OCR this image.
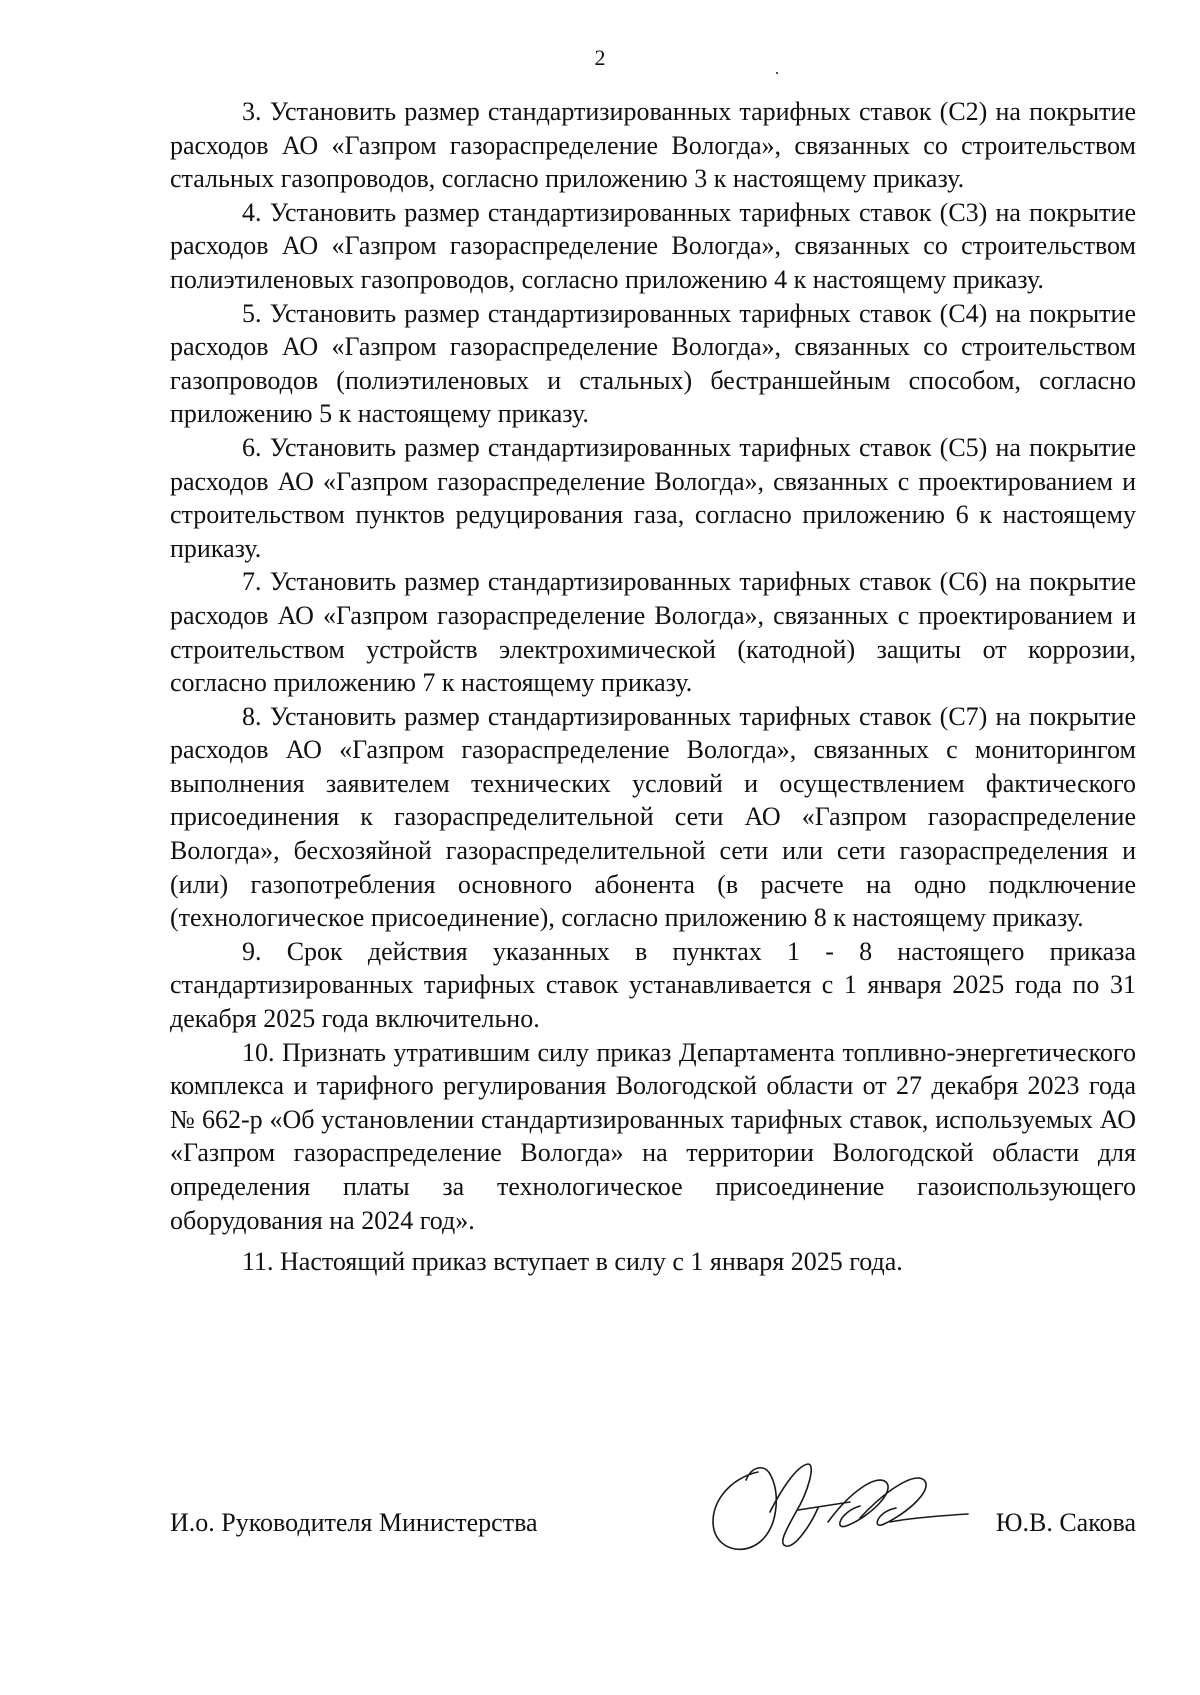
2

3. Установить размер стандартизированных тарифных ставок (С2) на покрытие расходов АО «Газпром газораспределение Вологда», связанных со строительством стальных газопроводов, согласно приложению 3 к настоящему приказу.

4. Установить размер стандартизированных тарифных ставок (С3) на покрытие расходов АО «Газпром газораспределение Вологда», связанных со строительством полиэтиленовых газопроводов, согласно приложению 4 к настоящему приказу.

5. Установить размер стандартизированных тарифных ставок (С4) на покрытие расходов АО «Газпром газораспределение Вологда», связанных со строительством газопроводов (полиэтиленовых и стальных) бестраншейным способом, согласно приложению 5 к настоящему приказу.

6. Установить размер стандартизированных тарифных ставок (С5) на покрытие расходов АО «Газпром газораспределение Вологда», связанных с проектированием и строительством пунктов редуцирования газа, согласно приложению 6 к настоящему приказу.

7. Установить размер стандартизированных тарифных ставок (С6) на покрытие расходов АО «Газпром газораспределение Вологда», связанных с проектированием и строительством устройств электрохимической (катодной) защиты от коррозии, согласно приложению 7 к настоящему приказу.

8. Установить размер стандартизированных тарифных ставок (С7) на покрытие расходов АО «Газпром газораспределение Вологда», связанных с мониторингом выполнения заявителем технических условий и осуществлением фактического присоединения к газораспределительной сети АО «Газпром газораспределение Вологда», бесхозяйной газораспределительной сети или сети газораспределения и (или) газопотребления основного абонента (в расчете на одно подключение (технологическое присоединение), согласно приложению 8 к настоящему приказу.

9. Срок действия указанных в пунктах 1 - 8 настоящего приказа стандартизированных тарифных ставок устанавливается с 1 января 2025 года по 31 декабря 2025 года включительно.

10. Признать утратившим силу приказ Департамента топливно-энергетического комплекса и тарифного регулирования Вологодской области от 27 декабря 2023 года № 662-р «Об установлении стандартизированных тарифных ставок, используемых АО «Газпром газораспределение Вологда» на территории Вологодской области для определения платы за технологическое присоединение газоиспользующего оборудования на 2024 год».

11. Настоящий приказ вступает в силу с 1 января 2025 года.

И.о. Руководителя Министерства	Ю.В. Сакова
